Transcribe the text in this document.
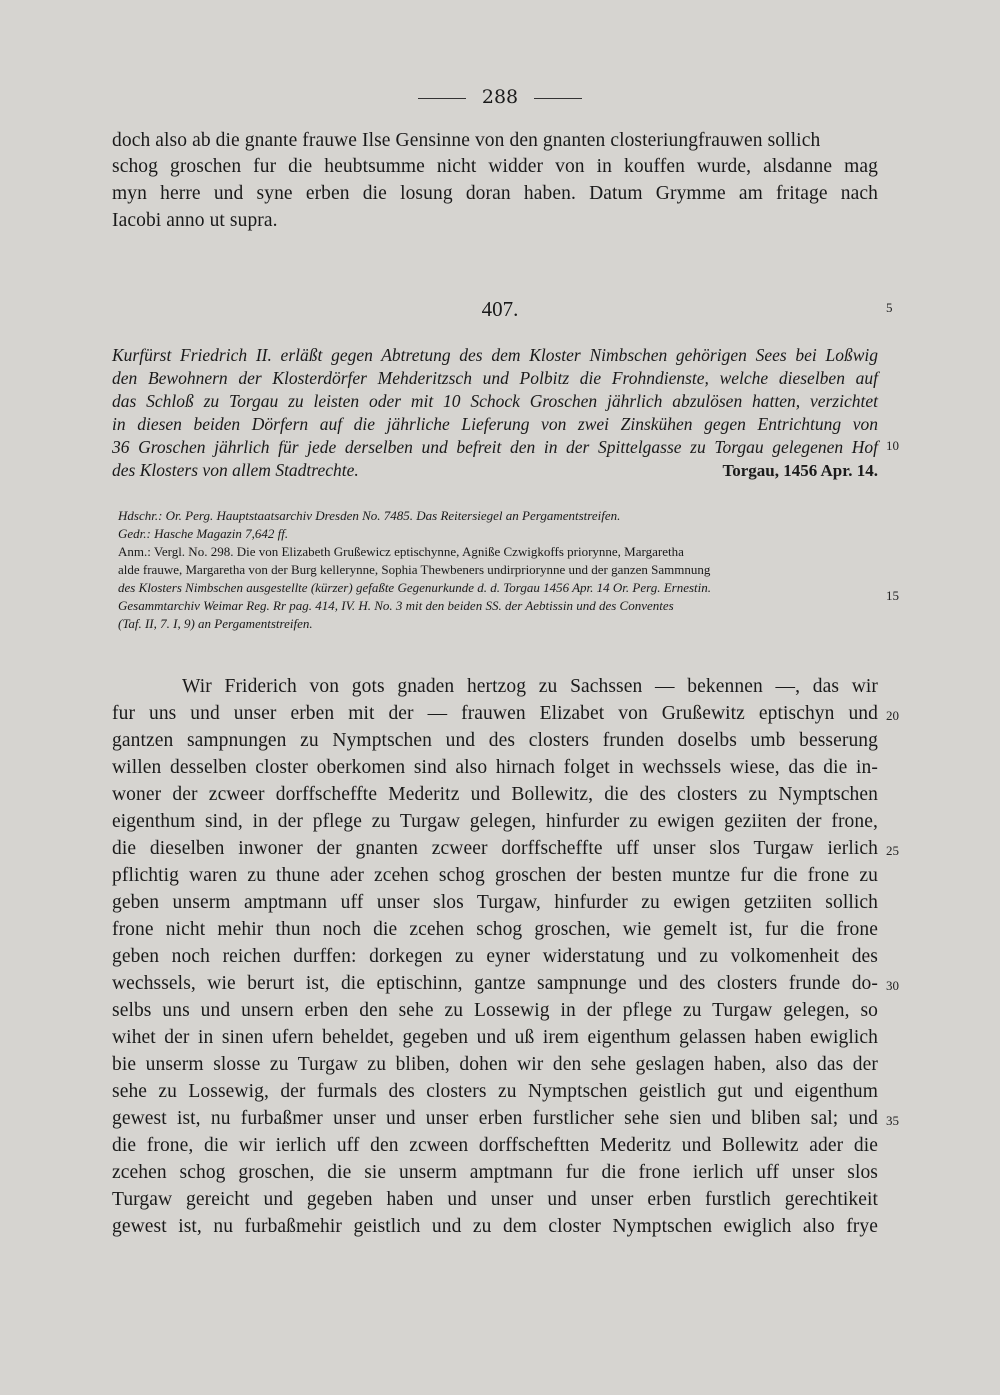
288
doch also ab die gnante frauwe Ilse Gensinne von den gnanten closteriungfrauwen sollich
schog groschen fur die heubtsumme nicht widder von in kouffen wurde, alsdanne mag
myn herre und syne erben die losung doran haben. Datum Grymme am fritage nach
Iacobi anno ut supra.
407.
Kurfürst Friedrich II. erläßt gegen Abtretung des dem Kloster Nimbschen gehörigen Sees bei Loßwig
den Bewohnern der Klosterdörfer Mehderitzsch und Polbitz die Frohndienste, welche dieselben auf
das Schloß zu Torgau zu leisten oder mit 10 Schock Groschen jährlich abzulösen hatten, verzichtet
in diesen beiden Dörfern auf die jährliche Lieferung von zwei Zinskühen gegen Entrichtung von
36 Groschen jährlich für jede derselben und befreit den in der Spittelgasse zu Torgau gelegenen Hof
des Klosters von allem Stadtrechte.	Torgau, 1456 Apr. 14.
Hdschr.: Or. Perg. Hauptstaatsarchiv Dresden No. 7485. Das Reitersiegel an Pergamentstreifen.
Gedr.: Hasche Magazin 7,642 ff.
Anm.: Vergl. No. 298. Die von Elizabeth Grußewicz eptischynne, Agniße Czwigkoffs priorynne, Margaretha
alde frauwe, Margaretha von der Burg kellerynne, Sophia Thewbeners undirpriorynne und der ganzen Sammnung
des Klosters Nimbschen ausgestellte (kürzer) gefaßte Gegenurkunde d. d. Torgau 1456 Apr. 14 Or. Perg. Ernestin.
Gesammtarchiv Weimar Reg. Rr pag. 414, IV. H. No. 3 mit den beiden SS. der Aebtissin und des Conventes
(Taf. II, 7. I, 9) an Pergamentstreifen.
Wir Friderich von gots gnaden hertzog zu Sachssen — bekennen —, das wir
fur uns und unser erben mit der — frauwen Elizabet von Grußewitz eptischyn und
gantzen sampnungen zu Nymptschen und des closters frunden doselbs umb besserung
willen desselben closter oberkomen sind also hirnach folget in wechssels wiese, das die in-
woner der zcweer dorffscheffte Mederitz und Bollewitz, die des closters zu Nymptschen
eigenthum sind, in der pflege zu Turgaw gelegen, hinfurder zu ewigen geziiten der frone,
die dieselben inwoner der gnanten zcweer dorffscheffte uff unser slos Turgaw ierlich
pflichtig waren zu thune ader zcehen schog groschen der besten muntze fur die frone zu
geben unserm amptmann uff unser slos Turgaw, hinfurder zu ewigen getziiten sollich
frone nicht mehir thun noch die zcehen schog groschen, wie gemelt ist, fur die frone
geben noch reichen durffen: dorkegen zu eyner widerstatung und zu volkomenheit des
wechssels, wie berurt ist, die eptischinn, gantze sampnunge und des closters frunde do-
selbs uns und unsern erben den sehe zu Lossewig in der pflege zu Turgaw gelegen, so
wihet der in sinen ufern beheldet, gegeben und uß irem eigenthum gelassen haben ewiglich
bie unserm slosse zu Turgaw zu bliben, dohen wir den sehe geslagen haben, also das der
sehe zu Lossewig, der furmals des closters zu Nymptschen geistlich gut und eigenthum
gewest ist, nu furbaßmer unser und unser erben furstlicher sehe sien und bliben sal; und
die frone, die wir ierlich uff den zcween dorffscheftten Mederitz und Bollewitz ader die
zcehen schog groschen, die sie unserm amptmann fur die frone ierlich uff unser slos
Turgaw gereicht und gegeben haben und unser und unser erben furstlich gerechtikeit
gewest ist, nu furbaßmehir geistlich und zu dem closter Nymptschen ewiglich also frye
5
10
15
20
25
30
35
